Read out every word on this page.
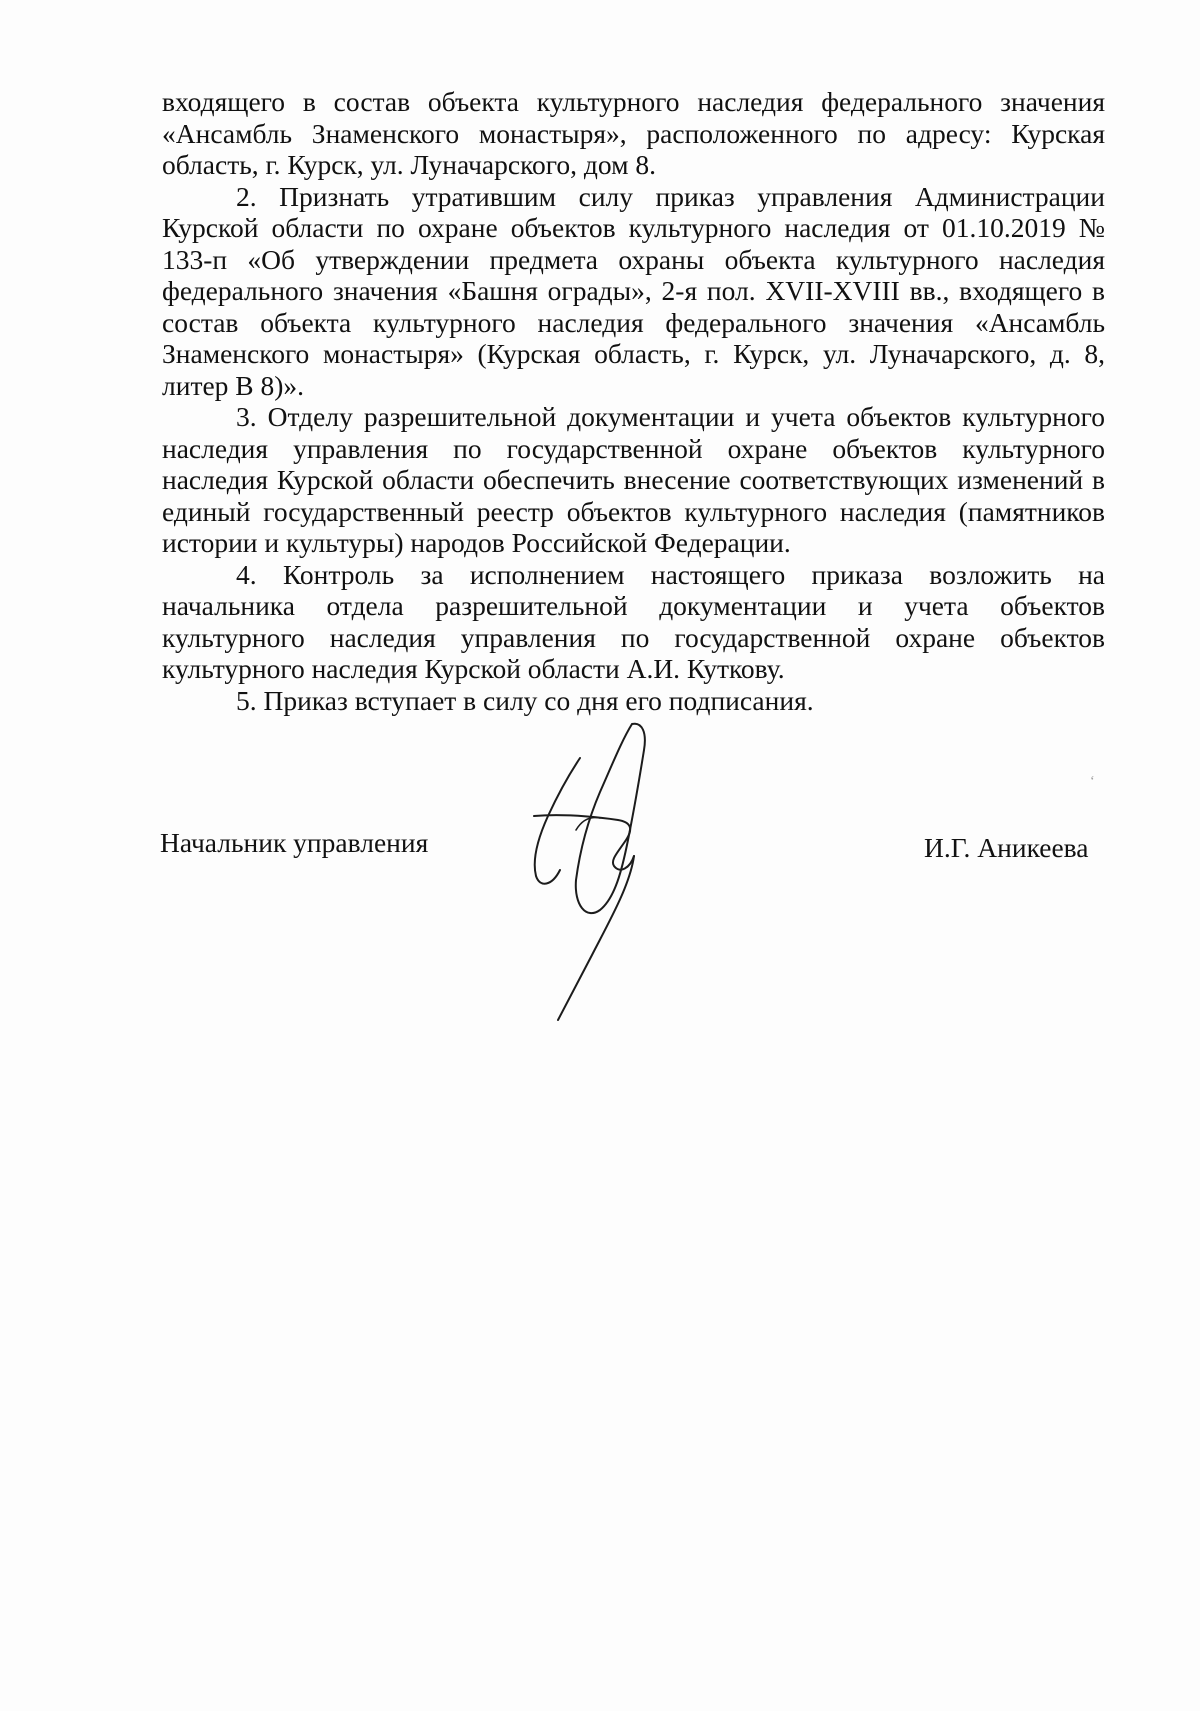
входящего в состав объекта культурного наследия федерального значения «Ансамбль Знаменского монастыря», расположенного по адресу: Курская область, г. Курск, ул. Луначарского, дом 8.

2. Признать утратившим силу приказ управления Администрации Курской области по охране объектов культурного наследия от 01.10.2019 № 133-п «Об утверждении предмета охраны объекта культурного наследия федерального значения «Башня ограды», 2-я пол. XVII-XVIII вв., входящего в состав объекта культурного наследия федерального значения «Ансамбль Знаменского монастыря» (Курская область, г. Курск, ул. Луначарского, д. 8, литер В 8)».

3. Отделу разрешительной документации и учета объектов культурного наследия управления по государственной охране объектов культурного наследия Курской области обеспечить внесение соответствующих изменений в единый государственный реестр объектов культурного наследия (памятников истории и культуры) народов Российской Федерации.

4. Контроль за исполнением настоящего приказа возложить на начальника отдела разрешительной документации и учета объектов культурного наследия управления по государственной охране объектов культурного наследия Курской области А.И. Куткову.

5. Приказ вступает в силу со дня его подписания.

Начальник управления	И.Г. Аникеева
ʻ
